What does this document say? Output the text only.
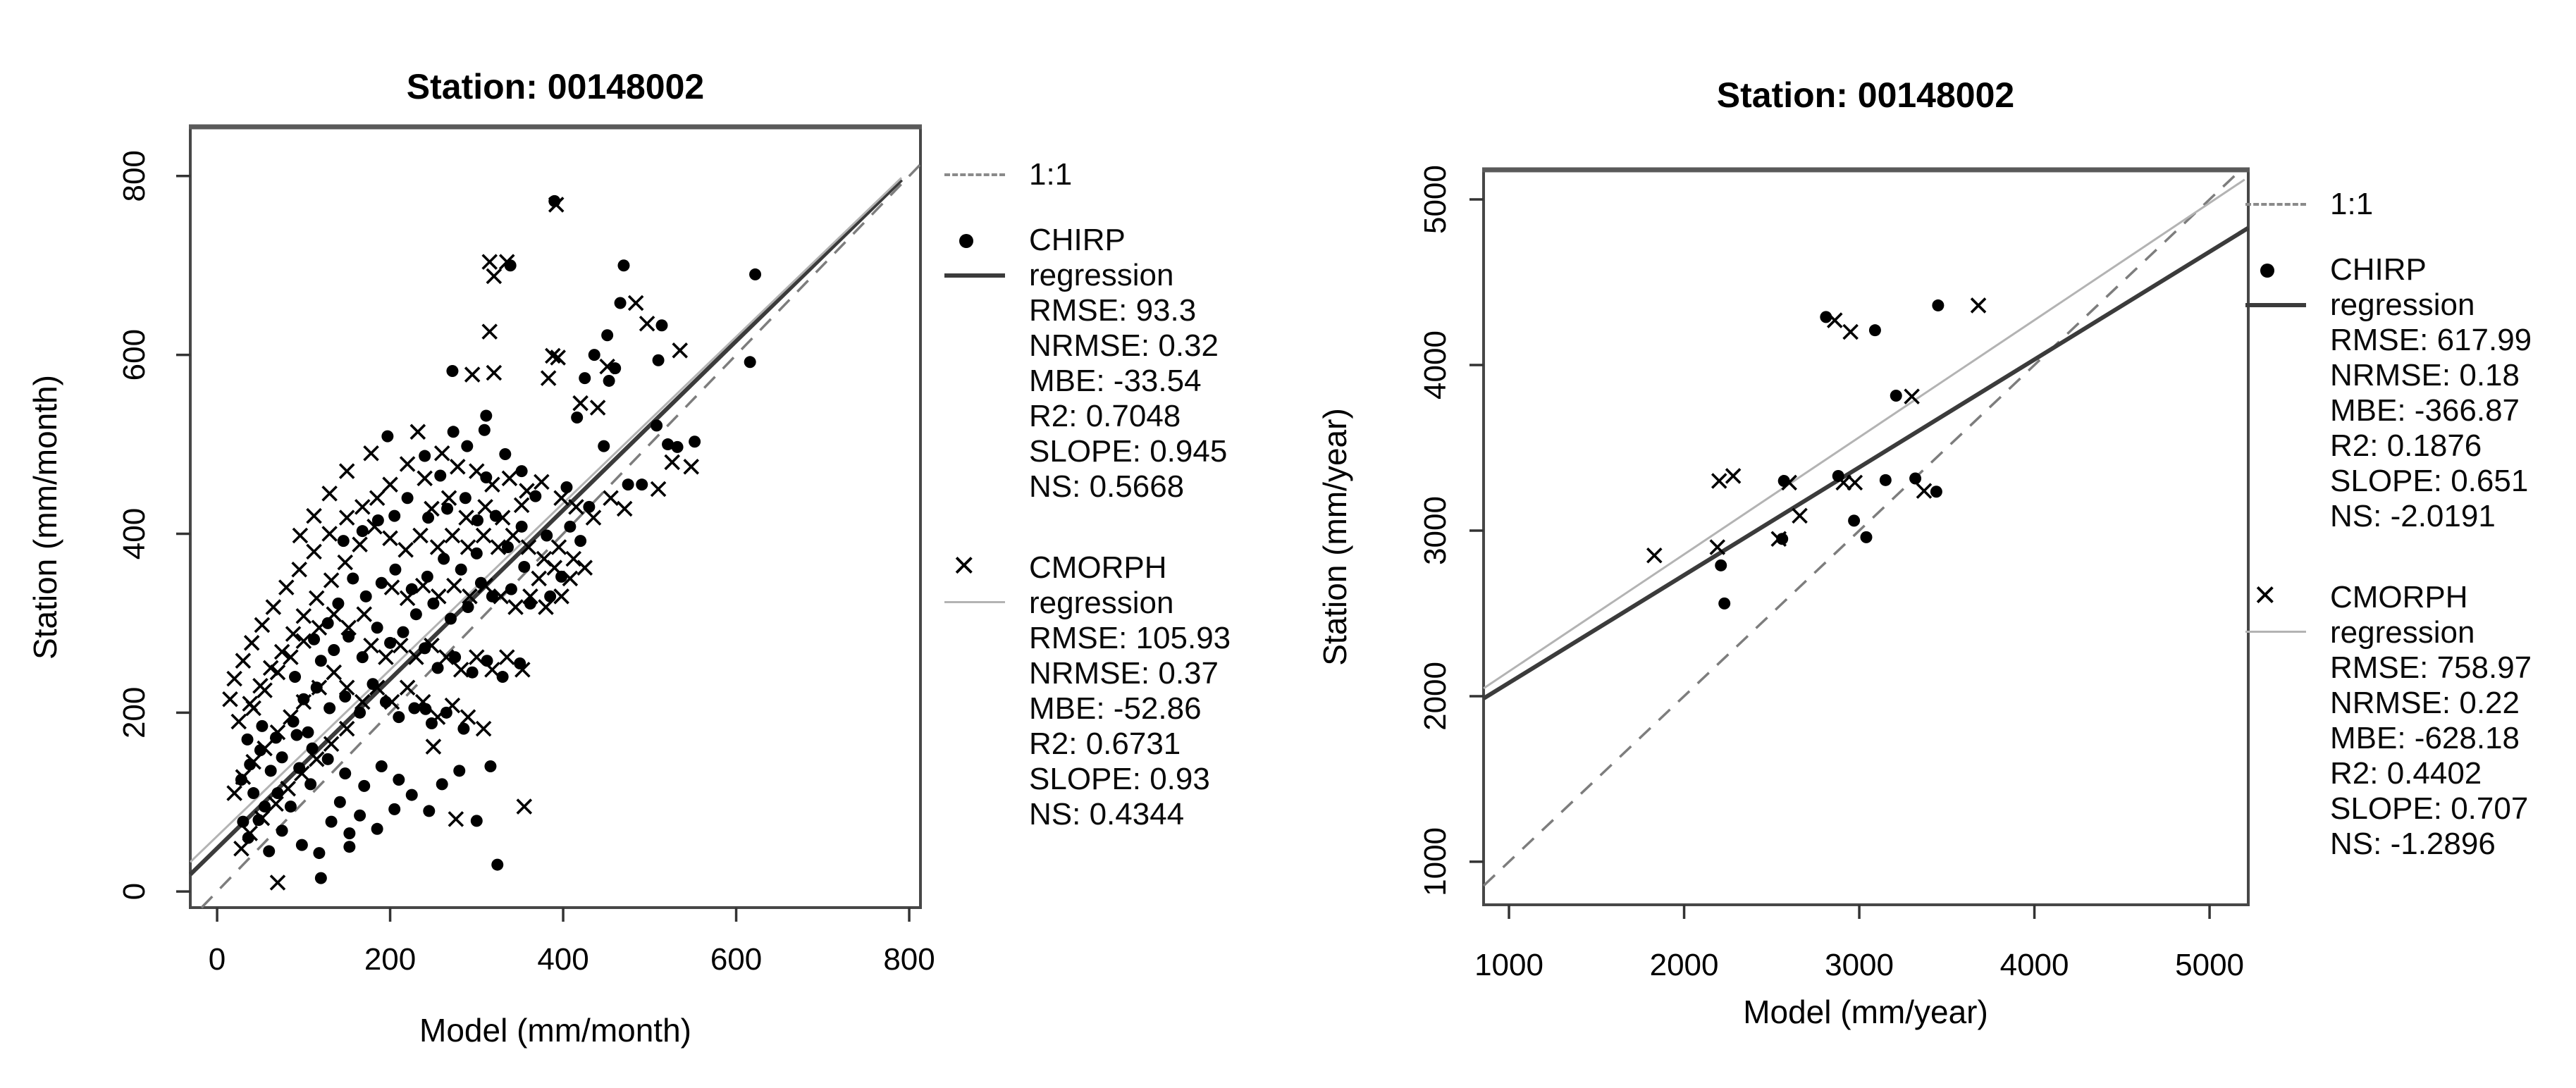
0	200	400	600	800
0
200
400
600
800
Station: 00148002
Model (mm/month)
Station (mm/month)
1000	2000	3000	4000	5000
1000
2000
3000
4000
5000
Station: 00148002
Model (mm/year)
Station (mm/year)
1:1
CHIRP
regression
RMSE: 93.3
NRMSE: 0.32
MBE: -33.54
R2: 0.7048
SLOPE: 0.945
NS: 0.5668
× CMORPH
regression
RMSE: 105.93
NRMSE: 0.37
MBE: -52.86
R2: 0.6731
SLOPE: 0.93
NS: 0.4344
1:1
CHIRP
regression
RMSE: 617.99
NRMSE: 0.18
MBE: -366.87
R2: 0.1876
SLOPE: 0.651
NS: -2.0191
× CMORPH
regression
RMSE: 758.97
NRMSE: 0.22
MBE: -628.18
R2: 0.4402
SLOPE: 0.707
NS: -1.2896
